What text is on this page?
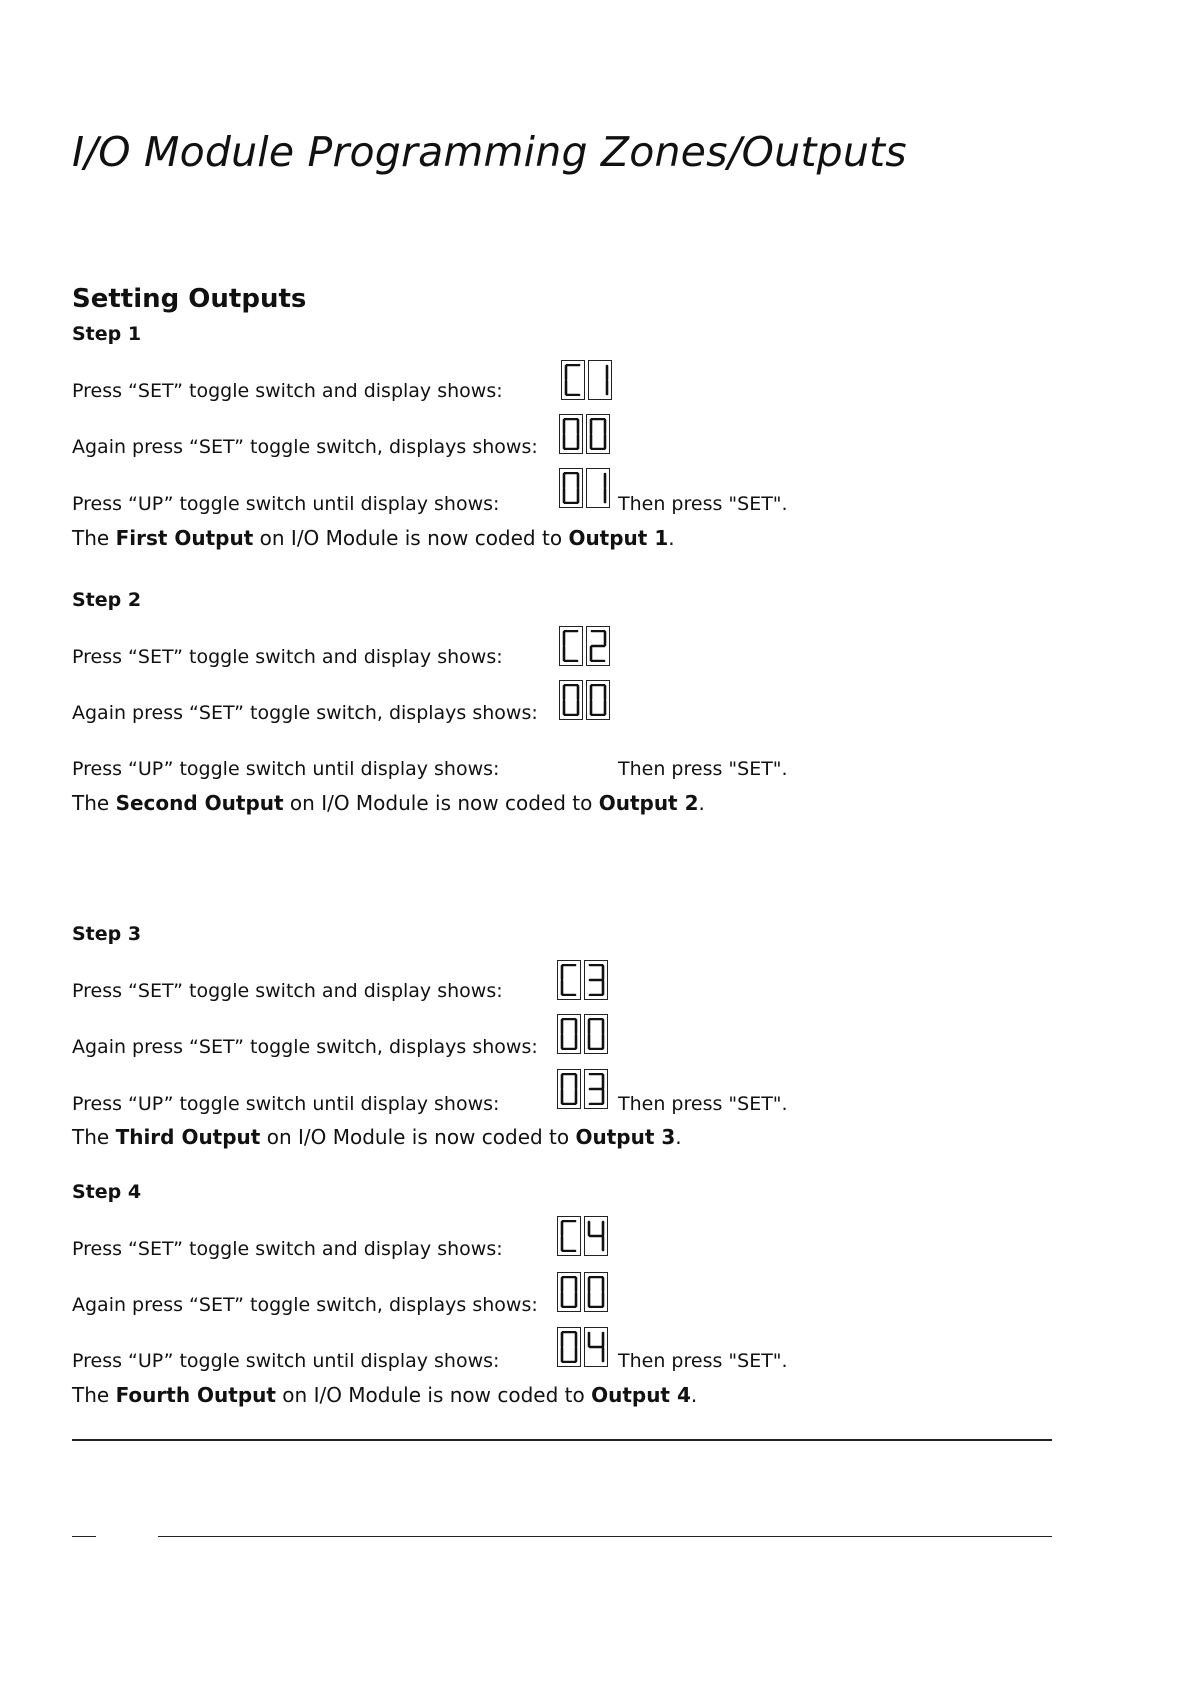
I/O Module Programming Zones/Outputs
Setting Outputs
Step 1
Press “SET” toggle switch and display shows:
Again press “SET” toggle switch, displays shows:
Press “UP” toggle switch until display shows:	Then press "SET".
The First Output on I/O Module is now coded to Output 1.
Step 2
Press “SET” toggle switch and display shows:
Again press “SET” toggle switch, displays shows:
Press “UP” toggle switch until display shows:	Then press "SET".
The Second Output on I/O Module is now coded to Output 2.
Step 3
Press “SET” toggle switch and display shows:
Again press “SET” toggle switch, displays shows:
Press “UP” toggle switch until display shows:	Then press "SET".
The Third Output on I/O Module is now coded to Output 3.
Step 4
Press “SET” toggle switch and display shows:
Again press “SET” toggle switch, displays shows:
Press “UP” toggle switch until display shows:	Then press "SET".
The Fourth Output on I/O Module is now coded to Output 4.
